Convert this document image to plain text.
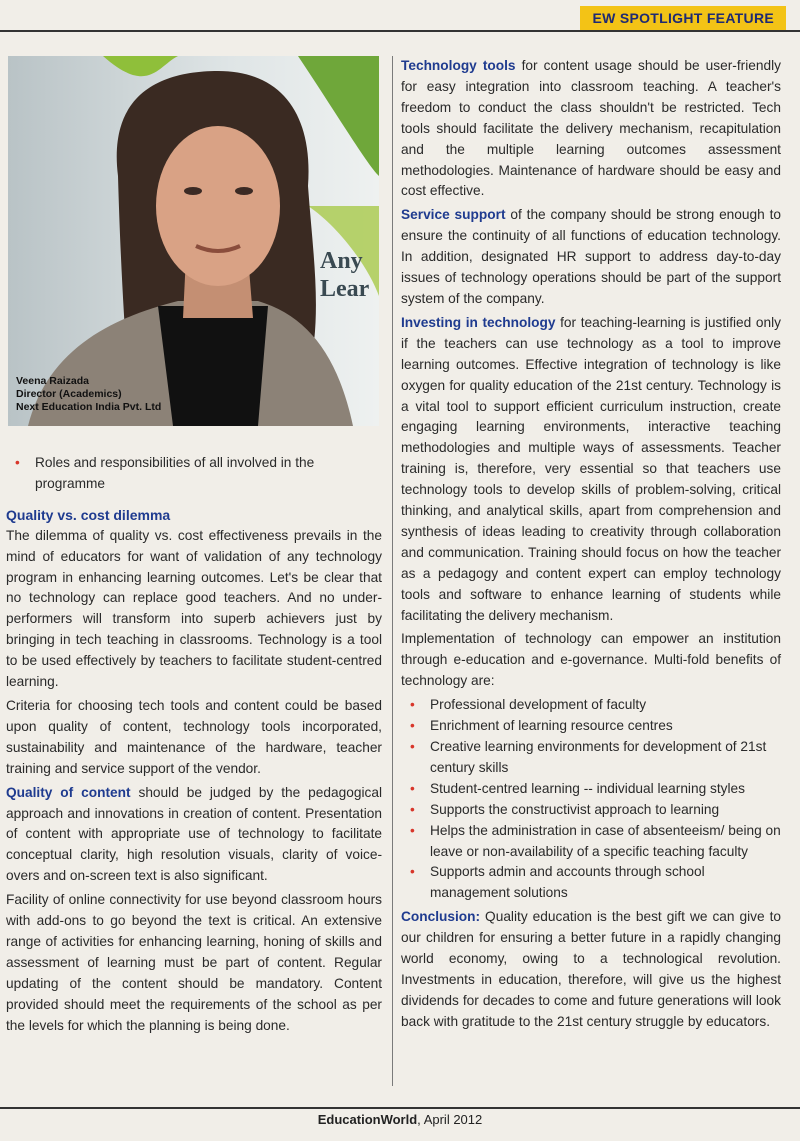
EW SPOTLIGHT FEATURE
Any
Lear
Veena Raizada
Director (Academics)
Next Education India Pvt. Ltd
• Roles and responsibilities of all involved in the programme
Quality vs. cost dilemma

The dilemma of quality vs. cost effectiveness prevails in the mind of educators for want of validation of any technology program in enhancing learning outcomes. Let's be clear that no technology can replace good teachers. And no under-performers will transform into superb achievers just by bringing in tech teaching in classrooms. Technology is a tool to be used effectively by teachers to facilitate student-centred learning.

Criteria for choosing tech tools and content could be based upon quality of content, technology tools incorporated, sustainability and maintenance of the hardware, teacher training and service support of the vendor.

Quality of content should be judged by the pedagogical approach and innovations in creation of content. Presentation of content with appropriate use of technology to facilitate conceptual clarity, high resolution visuals, clarity of voice-overs and on-screen text is also significant.

Facility of online connectivity for use beyond classroom hours with add-ons to go beyond the text is critical. An extensive range of activities for enhancing learning, honing of skills and assessment of learning must be part of content. Regular updating of the content should be mandatory. Content provided should meet the requirements of the school as per the levels for which the planning is being done.

Technology tools for content usage should be user-friendly for easy integration into classroom teaching. A teacher's freedom to conduct the class shouldn't be restricted. Tech tools should facilitate the delivery mechanism, recapitulation and the multiple learning outcomes assessment methodologies. Maintenance of hardware should be easy and cost effective.

Service support of the company should be strong enough to ensure the continuity of all functions of education technology. In addition, designated HR support to address day-to-day issues of technology operations should be part of the support system of the company.

Investing in technology for teaching-learning is justified only if the teachers can use technology as a tool to improve learning outcomes. Effective integration of technology is like oxygen for quality education of the 21st century. Technology is a vital tool to support efficient curriculum instruction, create engaging learning environments, interactive teaching methodologies and multiple ways of assessments. Teacher training is, therefore, very essential so that teachers use technology tools to develop skills of problem-solving, critical thinking, and analytical skills, apart from comprehension and synthesis of ideas leading to creativity through collaboration and communication. Training should focus on how the teacher as a pedagogy and content expert can employ technology tools and software to enhance learning of students while facilitating the delivery mechanism.

Implementation of technology can empower an institution through e-education and e-governance. Multi-fold benefits of technology are:

• Professional development of faculty
• Enrichment of learning resource centres
• Creative learning environments for development of 21st century skills
• Student-centred learning -- individual learning styles
• Supports the constructivist approach to learning
• Helps the administration in case of absenteeism/ being on leave or non-availability of a specific teaching faculty
• Supports admin and accounts through school management solutions

Conclusion: Quality education is the best gift we can give to our children for ensuring a better future in a rapidly changing world economy, owing to a technological revolution. Investments in education, therefore, will give us the highest dividends for decades to come and future generations will look back with gratitude to the 21st century struggle by educators.

EducationWorld, April 2012
